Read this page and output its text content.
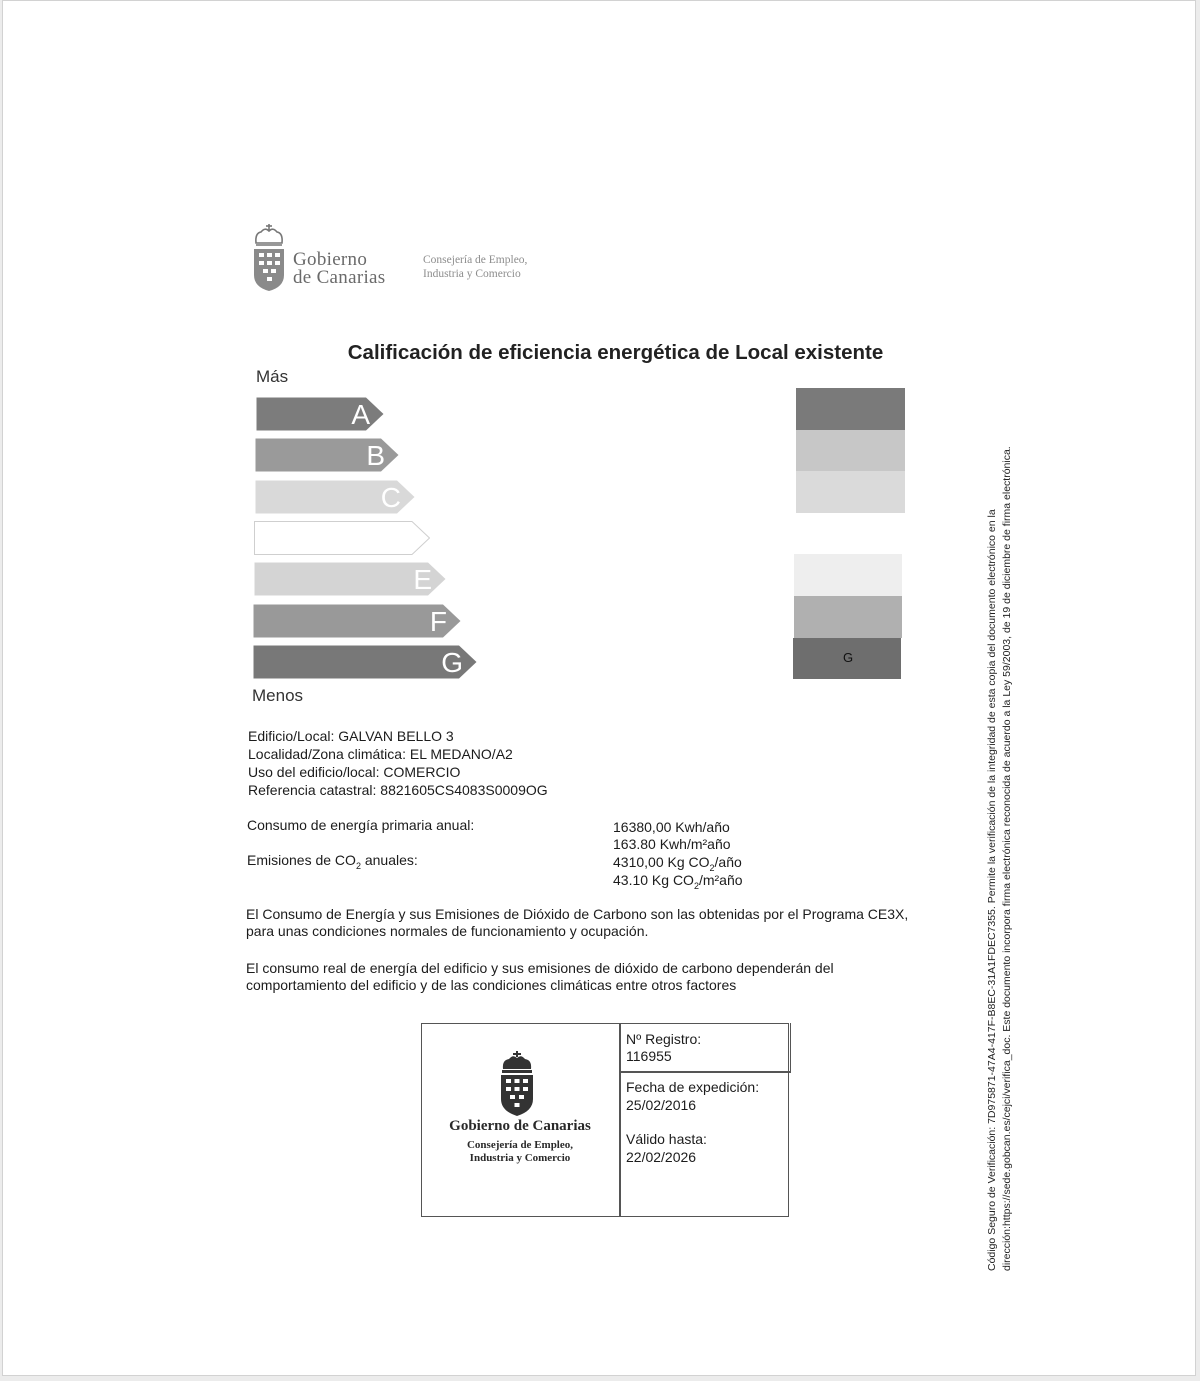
Gobierno
de Canarias
Consejería de Empleo,
Industria y Comercio
Calificación de eficiencia energética de Local existente
Más
Menos
A
B
C
E
F
G	G
Edificio/Local: GALVAN BELLO 3
Localidad/Zona climática: EL MEDANO/A2
Uso del edificio/local: COMERCIO
Referencia catastral: 8821605CS4083S0009OG
Consumo de energía primaria anual:	16380,00 Kwh/año
163.80 Kwh/m²año
Emisiones de $CO_2$ anuales:	4310,00 Kg $CO_2$/año
43.10 Kg $CO_2$/m²año
El Consumo de Energía y sus Emisiones de Dióxido de Carbono son las obtenidas por el Programa CE3X,
para unas condiciones normales de funcionamiento y ocupación.
El consumo real de energía del edificio y sus emisiones de dióxido de carbono dependerán del
comportamiento del edificio y de las condiciones climáticas entre otros factores
Gobierno de Canarias
Consejería de Empleo,
Industria y Comercio
Nº Registro:
116955
Fecha de expedición:
25/02/2016
Válido hasta:
22/02/2026	Código Seguro de Verificación: 7D975871-47A4-417F-B8EC-31A1FDEC7355. Permite la verificación de la integridad de esta copia del documento electrónico en la dirección:https://sede.gobcan.es/cejci/verifica_doc. Este documento incorpora firma electrónica reconocida de acuerdo a la Ley 59/2003, de 19 de diciembre de firma electrónica.
